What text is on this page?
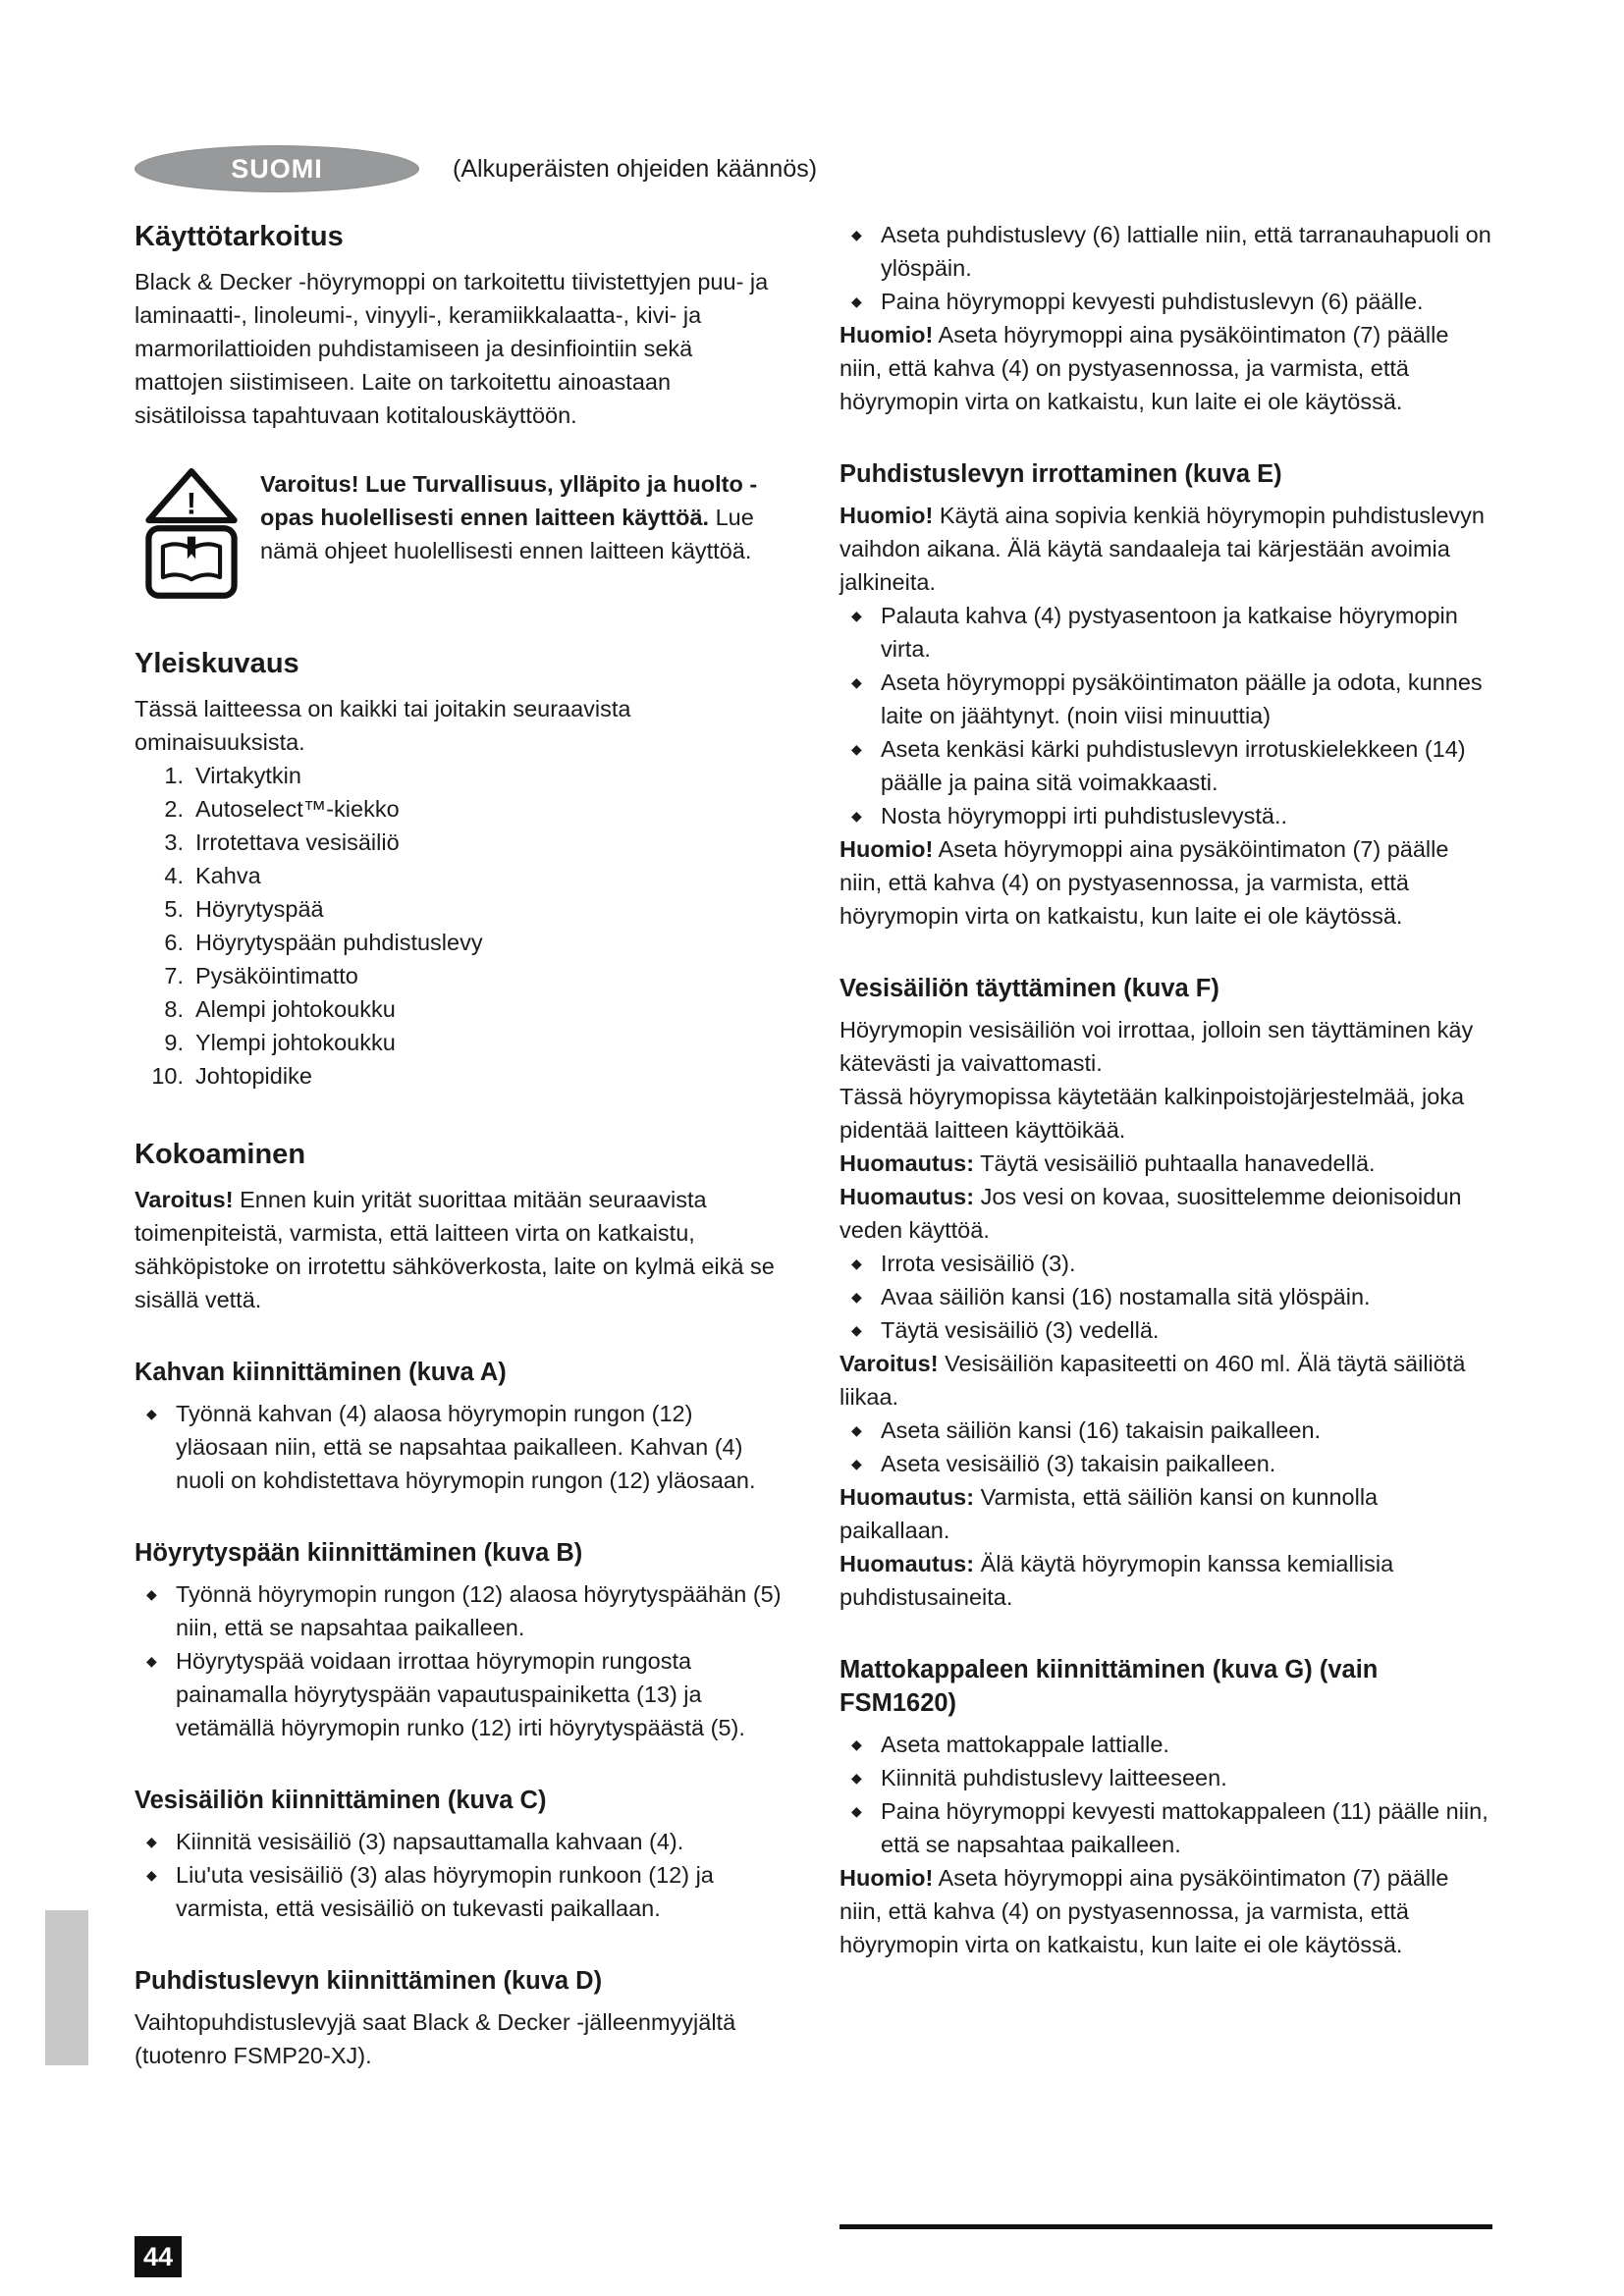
SUOMI	(Alkuperäisten ohjeiden käännös)
Käyttötarkoitus

Black & Decker -höyrymoppi on tarkoitettu tiivistettyjen puu- ja laminaatti-, linoleumi-, vinyyli-, keramiikkalaatta-, kivi- ja marmorilattioiden puhdistamiseen ja desinfiointiin sekä mattojen siistimiseen. Laite on tarkoitettu ainoastaan sisätiloissa tapahtuvaan kotitalouskäyttöön.

!
Varoitus! Lue Turvallisuus, ylläpito ja huolto -opas huolellisesti ennen laitteen käyttöä. Lue nämä ohjeet huolellisesti ennen laitteen käyttöä.
Yleiskuvaus

Tässä laitteessa on kaikki tai joitakin seuraavista ominaisuuksista.

1. Virtakytkin
2. Autoselect™-kiekko
3. Irrotettava vesisäiliö
4. Kahva
5. Höyrytyspää
6. Höyrytyspään puhdistuslevy
7. Pysäköintimatto
8. Alempi johtokoukku
9. Ylempi johtokoukku
10. Johtopidike
Kokoaminen

Varoitus! Ennen kuin yrität suorittaa mitään seuraavista toimenpiteistä, varmista, että laitteen virta on katkaistu, sähköpistoke on irrotettu sähköverkosta, laite on kylmä eikä se sisällä vettä.

Kahvan kiinnittäminen (kuva A)
◆ Työnnä kahvan (4) alaosa höyrymopin rungon (12) yläosaan niin, että se napsahtaa paikalleen. Kahvan (4) nuoli on kohdistettava höyrymopin rungon (12) yläosaan.
Höyrytyspään kiinnittäminen (kuva B)
◆ Työnnä höyrymopin rungon (12) alaosa höyrytyspäähän (5) niin, että se napsahtaa paikalleen.
◆ Höyrytyspää voidaan irrottaa höyrymopin rungosta painamalla höyrytyspään vapautuspainiketta (13) ja vetämällä höyrymopin runko (12) irti höyrytyspäästä (5).
Vesisäiliön kiinnittäminen (kuva C)
◆ Kiinnitä vesisäiliö (3) napsauttamalla kahvaan (4).
◆ Liu'uta vesisäiliö (3) alas höyrymopin runkoon (12) ja varmista, että vesisäiliö on tukevasti paikallaan.
Puhdistuslevyn kiinnittäminen (kuva D)

Vaihtopuhdistuslevyjä saat Black & Decker -jälleenmyyjältä (tuotenro FSMP20-XJ).

◆ Aseta puhdistuslevy (6) lattialle niin, että tarranauhapuoli on ylöspäin.
◆ Paina höyrymoppi kevyesti puhdistuslevyn (6) päälle.

Huomio! Aseta höyrymoppi aina pysäköintimaton (7) päälle niin, että kahva (4) on pystyasennossa, ja varmista, että höyrymopin virta on katkaistu, kun laite ei ole käytössä.

Puhdistuslevyn irrottaminen (kuva E)

Huomio! Käytä aina sopivia kenkiä höyrymopin puhdistuslevyn vaihdon aikana. Älä käytä sandaaleja tai kärjestään avoimia jalkineita.

◆ Palauta kahva (4) pystyasentoon ja katkaise höyrymopin virta.
◆ Aseta höyrymoppi pysäköintimaton päälle ja odota, kunnes laite on jäähtynyt. (noin viisi minuuttia)
◆ Aseta kenkäsi kärki puhdistuslevyn irrotuskielekkeen (14) päälle ja paina sitä voimakkaasti.
◆ Nosta höyrymoppi irti puhdistuslevystä..

Huomio! Aseta höyrymoppi aina pysäköintimaton (7) päälle niin, että kahva (4) on pystyasennossa, ja varmista, että höyrymopin virta on katkaistu, kun laite ei ole käytössä.

Vesisäiliön täyttäminen (kuva F)

Höyrymopin vesisäiliön voi irrottaa, jolloin sen täyttäminen käy kätevästi ja vaivattomasti.

Tässä höyrymopissa käytetään kalkinpoistojärjestelmää, joka pidentää laitteen käyttöikää.

Huomautus: Täytä vesisäiliö puhtaalla hanavedellä.

Huomautus: Jos vesi on kovaa, suosittelemme deionisoidun veden käyttöä.

◆ Irrota vesisäiliö (3).
◆ Avaa säiliön kansi (16) nostamalla sitä ylöspäin.
◆ Täytä vesisäiliö (3) vedellä.

Varoitus! Vesisäiliön kapasiteetti on 460 ml. Älä täytä säiliötä liikaa.

◆ Aseta säiliön kansi (16) takaisin paikalleen.
◆ Aseta vesisäiliö (3) takaisin paikalleen.

Huomautus: Varmista, että säiliön kansi on kunnolla paikallaan.

Huomautus: Älä käytä höyrymopin kanssa kemiallisia puhdistusaineita.

Mattokappaleen kiinnittäminen (kuva G) (vain FSM1620)
◆ Aseta mattokappale lattialle.
◆ Kiinnitä puhdistuslevy laitteeseen.
◆ Paina höyrymoppi kevyesti mattokappaleen (11) päälle niin, että se napsahtaa paikalleen.

Huomio! Aseta höyrymoppi aina pysäköintimaton (7) päälle niin, että kahva (4) on pystyasennossa, ja varmista, että höyrymopin virta on katkaistu, kun laite ei ole käytössä.

44
